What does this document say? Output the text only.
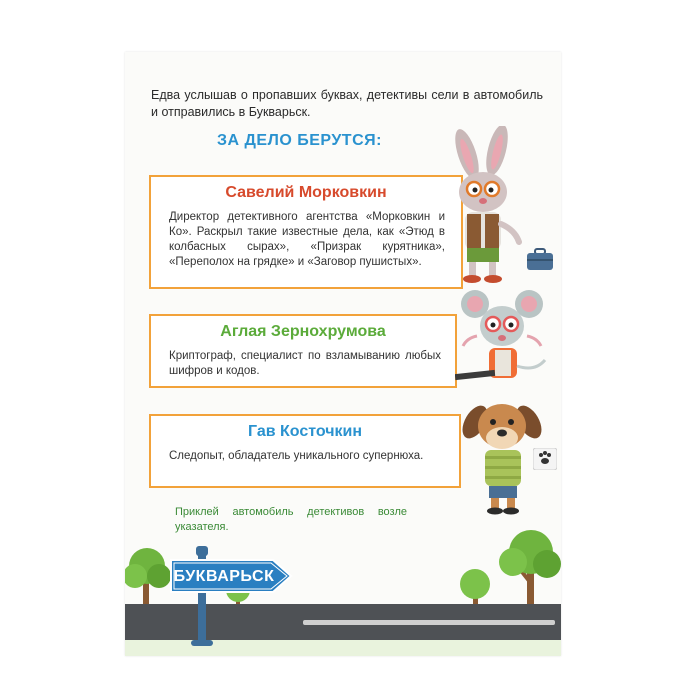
Едва услышав о пропавших буквах, детективы сели в автомобиль и отправились в Букварьск.

ЗА ДЕЛО БЕРУТСЯ:
Савелий Морковкин
Директор детективного агентства «Морковкин и Ко». Раскрыл такие известные дела, как «Этюд в колбасных сырах», «Призрак курятника», «Переполох на грядке» и «Заговор пушистых».
Аглая Зернохрумова
Криптограф, специалист по взламыванию любых шифров и кодов.
Гав Косточкин
Следопыт, обладатель уникального супернюха.

Приклей автомобиль детективов возле указателя.

БУКВАРЬСК
